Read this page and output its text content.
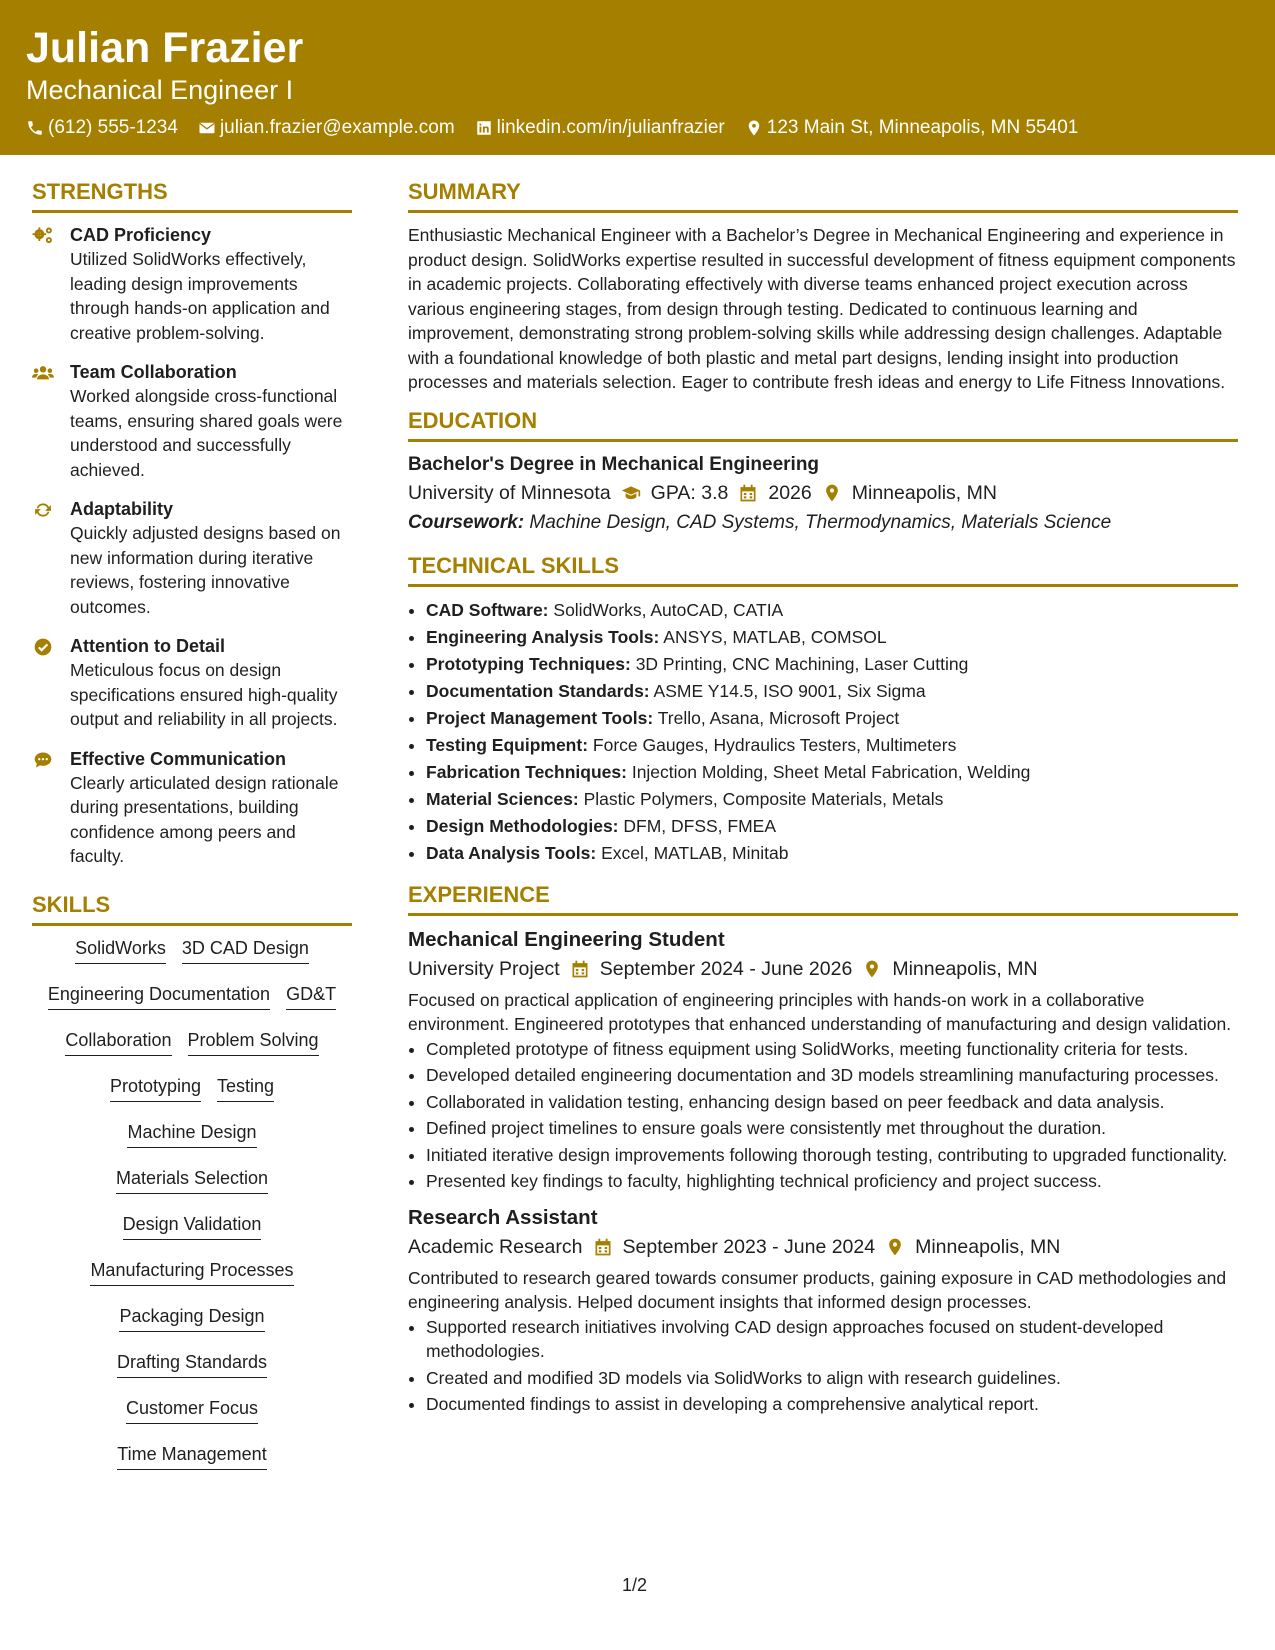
Julian Frazier
Mechanical Engineer I
(612) 555-1234 julian.frazier@example.com linkedin.com/in/julianfrazier 123 Main St, Minneapolis, MN 55401
STRENGTHS
CAD Proficiency
Utilized SolidWorks effectively, leading design improvements through hands-on application and creative problem-solving.
Team Collaboration
Worked alongside cross-functional teams, ensuring shared goals were understood and successfully achieved.
Adaptability
Quickly adjusted designs based on new information during iterative reviews, fostering innovative outcomes.
Attention to Detail
Meticulous focus on design specifications ensured high-quality output and reliability in all projects.
Effective Communication
Clearly articulated design rationale during presentations, building confidence among peers and faculty.
SKILLS
SolidWorks 3D CAD Design
Engineering Documentation GD&T
Collaboration Problem Solving
Prototyping Testing
Machine Design
Materials Selection
Design Validation
Manufacturing Processes
Packaging Design
Drafting Standards
Customer Focus
Time Management
SUMMARY
Enthusiastic Mechanical Engineer with a Bachelor’s Degree in Mechanical Engineering and experience in product design. SolidWorks expertise resulted in successful development of fitness equipment components in academic projects. Collaborating effectively with diverse teams enhanced project execution across various engineering stages, from design through testing. Dedicated to continuous learning and improvement, demonstrating strong problem-solving skills while addressing design challenges. Adaptable with a foundational knowledge of both plastic and metal part designs, lending insight into production processes and materials selection. Eager to contribute fresh ideas and energy to Life Fitness Innovations.
EDUCATION
Bachelor's Degree in Mechanical Engineering
University of Minnesota GPA: 3.8 2026 Minneapolis, MN
Coursework: Machine Design, CAD Systems, Thermodynamics, Materials Science
TECHNICAL SKILLS
• CAD Software: SolidWorks, AutoCAD, CATIA
• Engineering Analysis Tools: ANSYS, MATLAB, COMSOL
• Prototyping Techniques: 3D Printing, CNC Machining, Laser Cutting
• Documentation Standards: ASME Y14.5, ISO 9001, Six Sigma
• Project Management Tools: Trello, Asana, Microsoft Project
• Testing Equipment: Force Gauges, Hydraulics Testers, Multimeters
• Fabrication Techniques: Injection Molding, Sheet Metal Fabrication, Welding
• Material Sciences: Plastic Polymers, Composite Materials, Metals
• Design Methodologies: DFM, DFSS, FMEA
• Data Analysis Tools: Excel, MATLAB, Minitab
EXPERIENCE
Mechanical Engineering Student
University Project September 2024 - June 2026 Minneapolis, MN
Focused on practical application of engineering principles with hands-on work in a collaborative environment. Engineered prototypes that enhanced understanding of manufacturing and design validation.
• Completed prototype of fitness equipment using SolidWorks, meeting functionality criteria for tests.
• Developed detailed engineering documentation and 3D models streamlining manufacturing processes.
• Collaborated in validation testing, enhancing design based on peer feedback and data analysis.
• Defined project timelines to ensure goals were consistently met throughout the duration.
• Initiated iterative design improvements following thorough testing, contributing to upgraded functionality.
• Presented key findings to faculty, highlighting technical proficiency and project success.
Research Assistant
Academic Research September 2023 - June 2024 Minneapolis, MN
Contributed to research geared towards consumer products, gaining exposure in CAD methodologies and engineering analysis. Helped document insights that informed design processes.
• Supported research initiatives involving CAD design approaches focused on student-developed methodologies.
• Created and modified 3D models via SolidWorks to align with research guidelines.
• Documented findings to assist in developing a comprehensive analytical report.
1/2
